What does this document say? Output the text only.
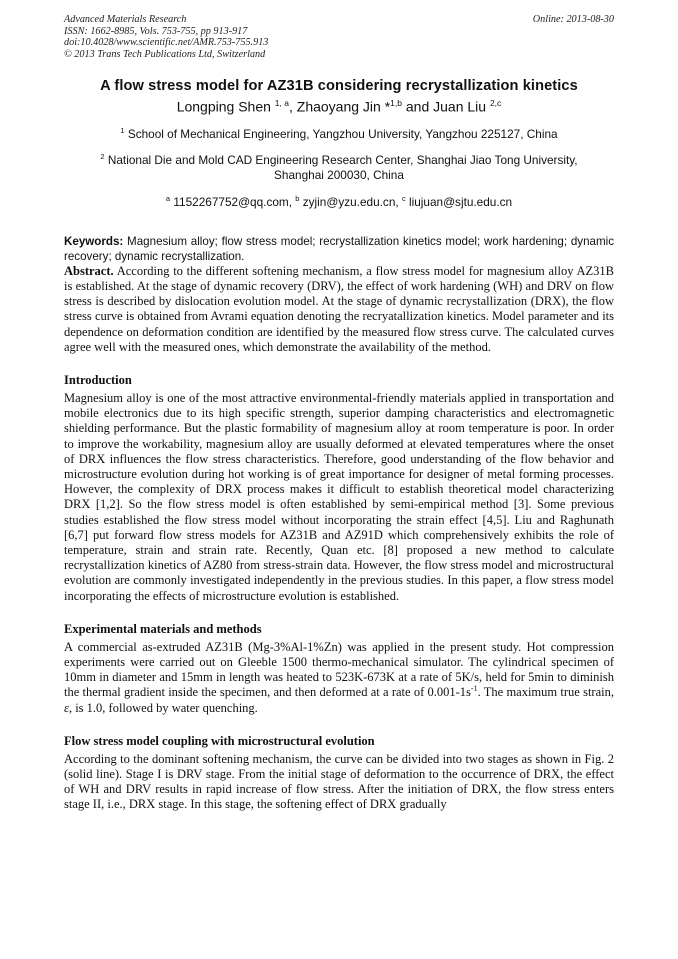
Advanced Materials Research
ISSN: 1662-8985, Vols. 753-755, pp 913-917
doi:10.4028/www.scientific.net/AMR.753-755.913
© 2013 Trans Tech Publications Ltd, Switzerland
Online: 2013-08-30
A flow stress model for AZ31B considering recrystallization kinetics
Longping Shen $^{1, a}$, Zhaoyang Jin *$^{1,b}$ and Juan Liu $^{2,c}$
$^1$ School of Mechanical Engineering, Yangzhou University, Yangzhou 225127, China
$^2$ National Die and Mold CAD Engineering Research Center, Shanghai Jiao Tong University,
Shanghai 200030, China
$^a$ 1152267752@qq.com, $^b$ zyjin@yzu.edu.cn, $^c$ liujuan@sjtu.edu.cn
Keywords: Magnesium alloy; flow stress model; recrystallization kinetics model; work hardening; dynamic recovery; dynamic recrystallization.

Abstract. According to the different softening mechanism, a flow stress model for magnesium alloy AZ31B is established. At the stage of dynamic recovery (DRV), the effect of work hardening (WH) and DRV on flow stress is described by dislocation evolution model. At the stage of dynamic recrystallization (DRX), the flow stress curve is obtained from Avrami equation denoting the recryatallization kinetics. Model parameter and its dependence on deformation condition are identified by the measured flow stress curve. The calculated curves agree well with the measured ones, which demonstrate the availability of the method.

Introduction

Magnesium alloy is one of the most attractive environmental-friendly materials applied in transportation and mobile electronics due to its high specific strength, superior damping characteristics and electromagnetic shielding performance. But the plastic formability of magnesium alloy at room temperature is poor. In order to improve the workability, magnesium alloy are usually deformed at elevated temperatures where the onset of DRX influences the flow stress characteristics. Therefore, good understanding of the flow behavior and microstructure evolution during hot working is of great importance for designer of metal forming processes. However, the complexity of DRX process makes it difficult to establish theoretical model characterizing DRX [1,2]. So the flow stress model is often established by semi-empirical method [3]. Some previous studies established the flow stress model without incorporating the strain effect [4,5]. Liu and Raghunath [6,7] put forward flow stress models for AZ31B and AZ91D which comprehensively exhibits the role of temperature, strain and strain rate. Recently, Quan etc. [8] proposed a new method to calculate recrystallization kinetics of AZ80 from stress-strain data. However, the flow stress model and microstructural evolution are commonly investigated independently in the previous studies. In this paper, a flow stress model incorporating the effects of microstructure evolution is established.

Experimental materials and methods

A commercial as-extruded AZ31B (Mg-3%Al-1%Zn) was applied in the present study. Hot compression experiments were carried out on Gleeble 1500 thermo-mechanical simulator. The cylindrical specimen of 10mm in diameter and 15mm in length was heated to 523K-673K at a rate of 5K/s, held for 5min to diminish the thermal gradient inside the specimen, and then deformed at a rate of $0.001-1s^{-1}$. The maximum true strain, ε, is 1.0, followed by water quenching.

Flow stress model coupling with microstructural evolution

According to the dominant softening mechanism, the curve can be divided into two stages as shown in Fig. 2 (solid line). Stage I is DRV stage. From the initial stage of deformation to the occurrence of DRX, the effect of WH and DRV results in rapid increase of flow stress. After the initiation of DRX, the flow stress enters stage II, i.e., DRX stage. In this stage, the softening effect of DRX gradually
